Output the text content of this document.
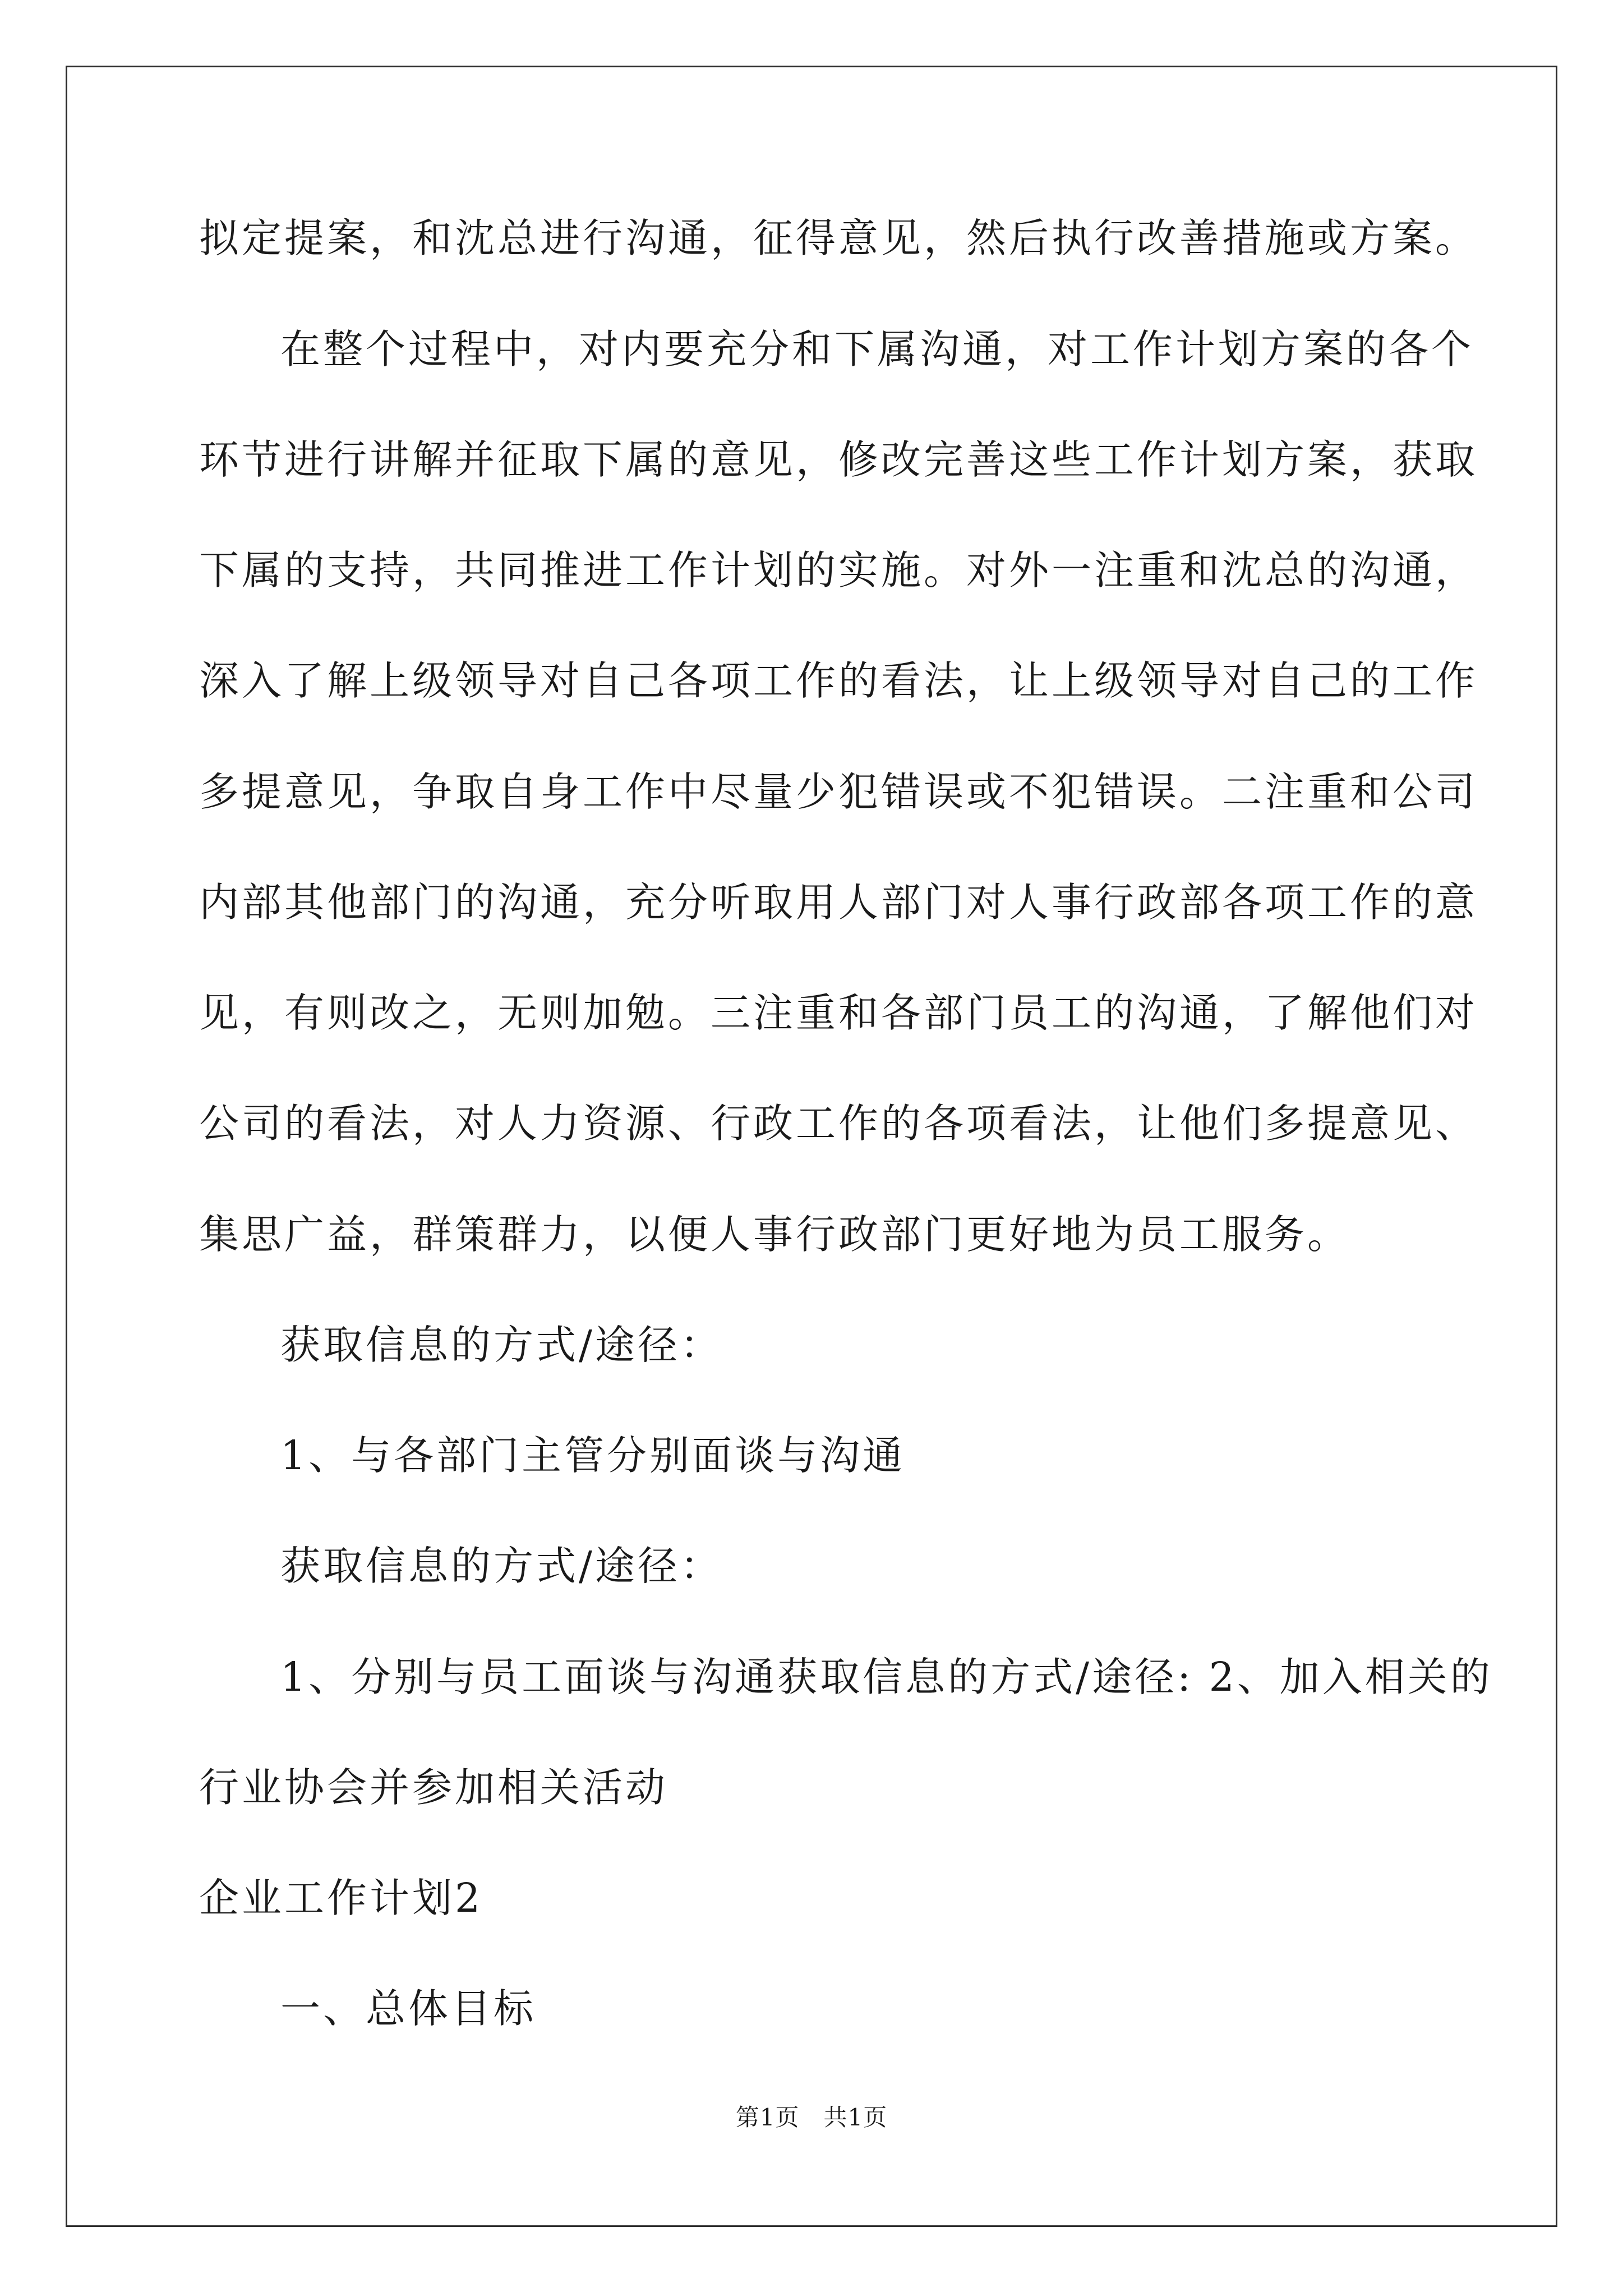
拟定提案，和沈总进行沟通，征得意见，然后执行改善措施或方案。
在整个过程中，对内要充分和下属沟通，对工作计划方案的各个
环节进行讲解并征取下属的意见，修改完善这些工作计划方案，获取
下属的支持，共同推进工作计划的实施。对外一注重和沈总的沟通，
深入了解上级领导对自己各项工作的看法，让上级领导对自己的工作
多提意见，争取自身工作中尽量少犯错误或不犯错误。二注重和公司
内部其他部门的沟通，充分听取用人部门对人事行政部各项工作的意
见，有则改之，无则加勉。三注重和各部门员工的沟通，了解他们对
公司的看法，对人力资源、行政工作的各项看法，让他们多提意见、
集思广益，群策群力，以便人事行政部门更好地为员工服务。
获取信息的方式/途径：
1、与各部门主管分别面谈与沟通
获取信息的方式/途径：
1、分别与员工面谈与沟通获取信息的方式/途径: 2、加入相关的
行业协会并参加相关活动
企业工作计划2
一、总体目标
第1页 共1页
